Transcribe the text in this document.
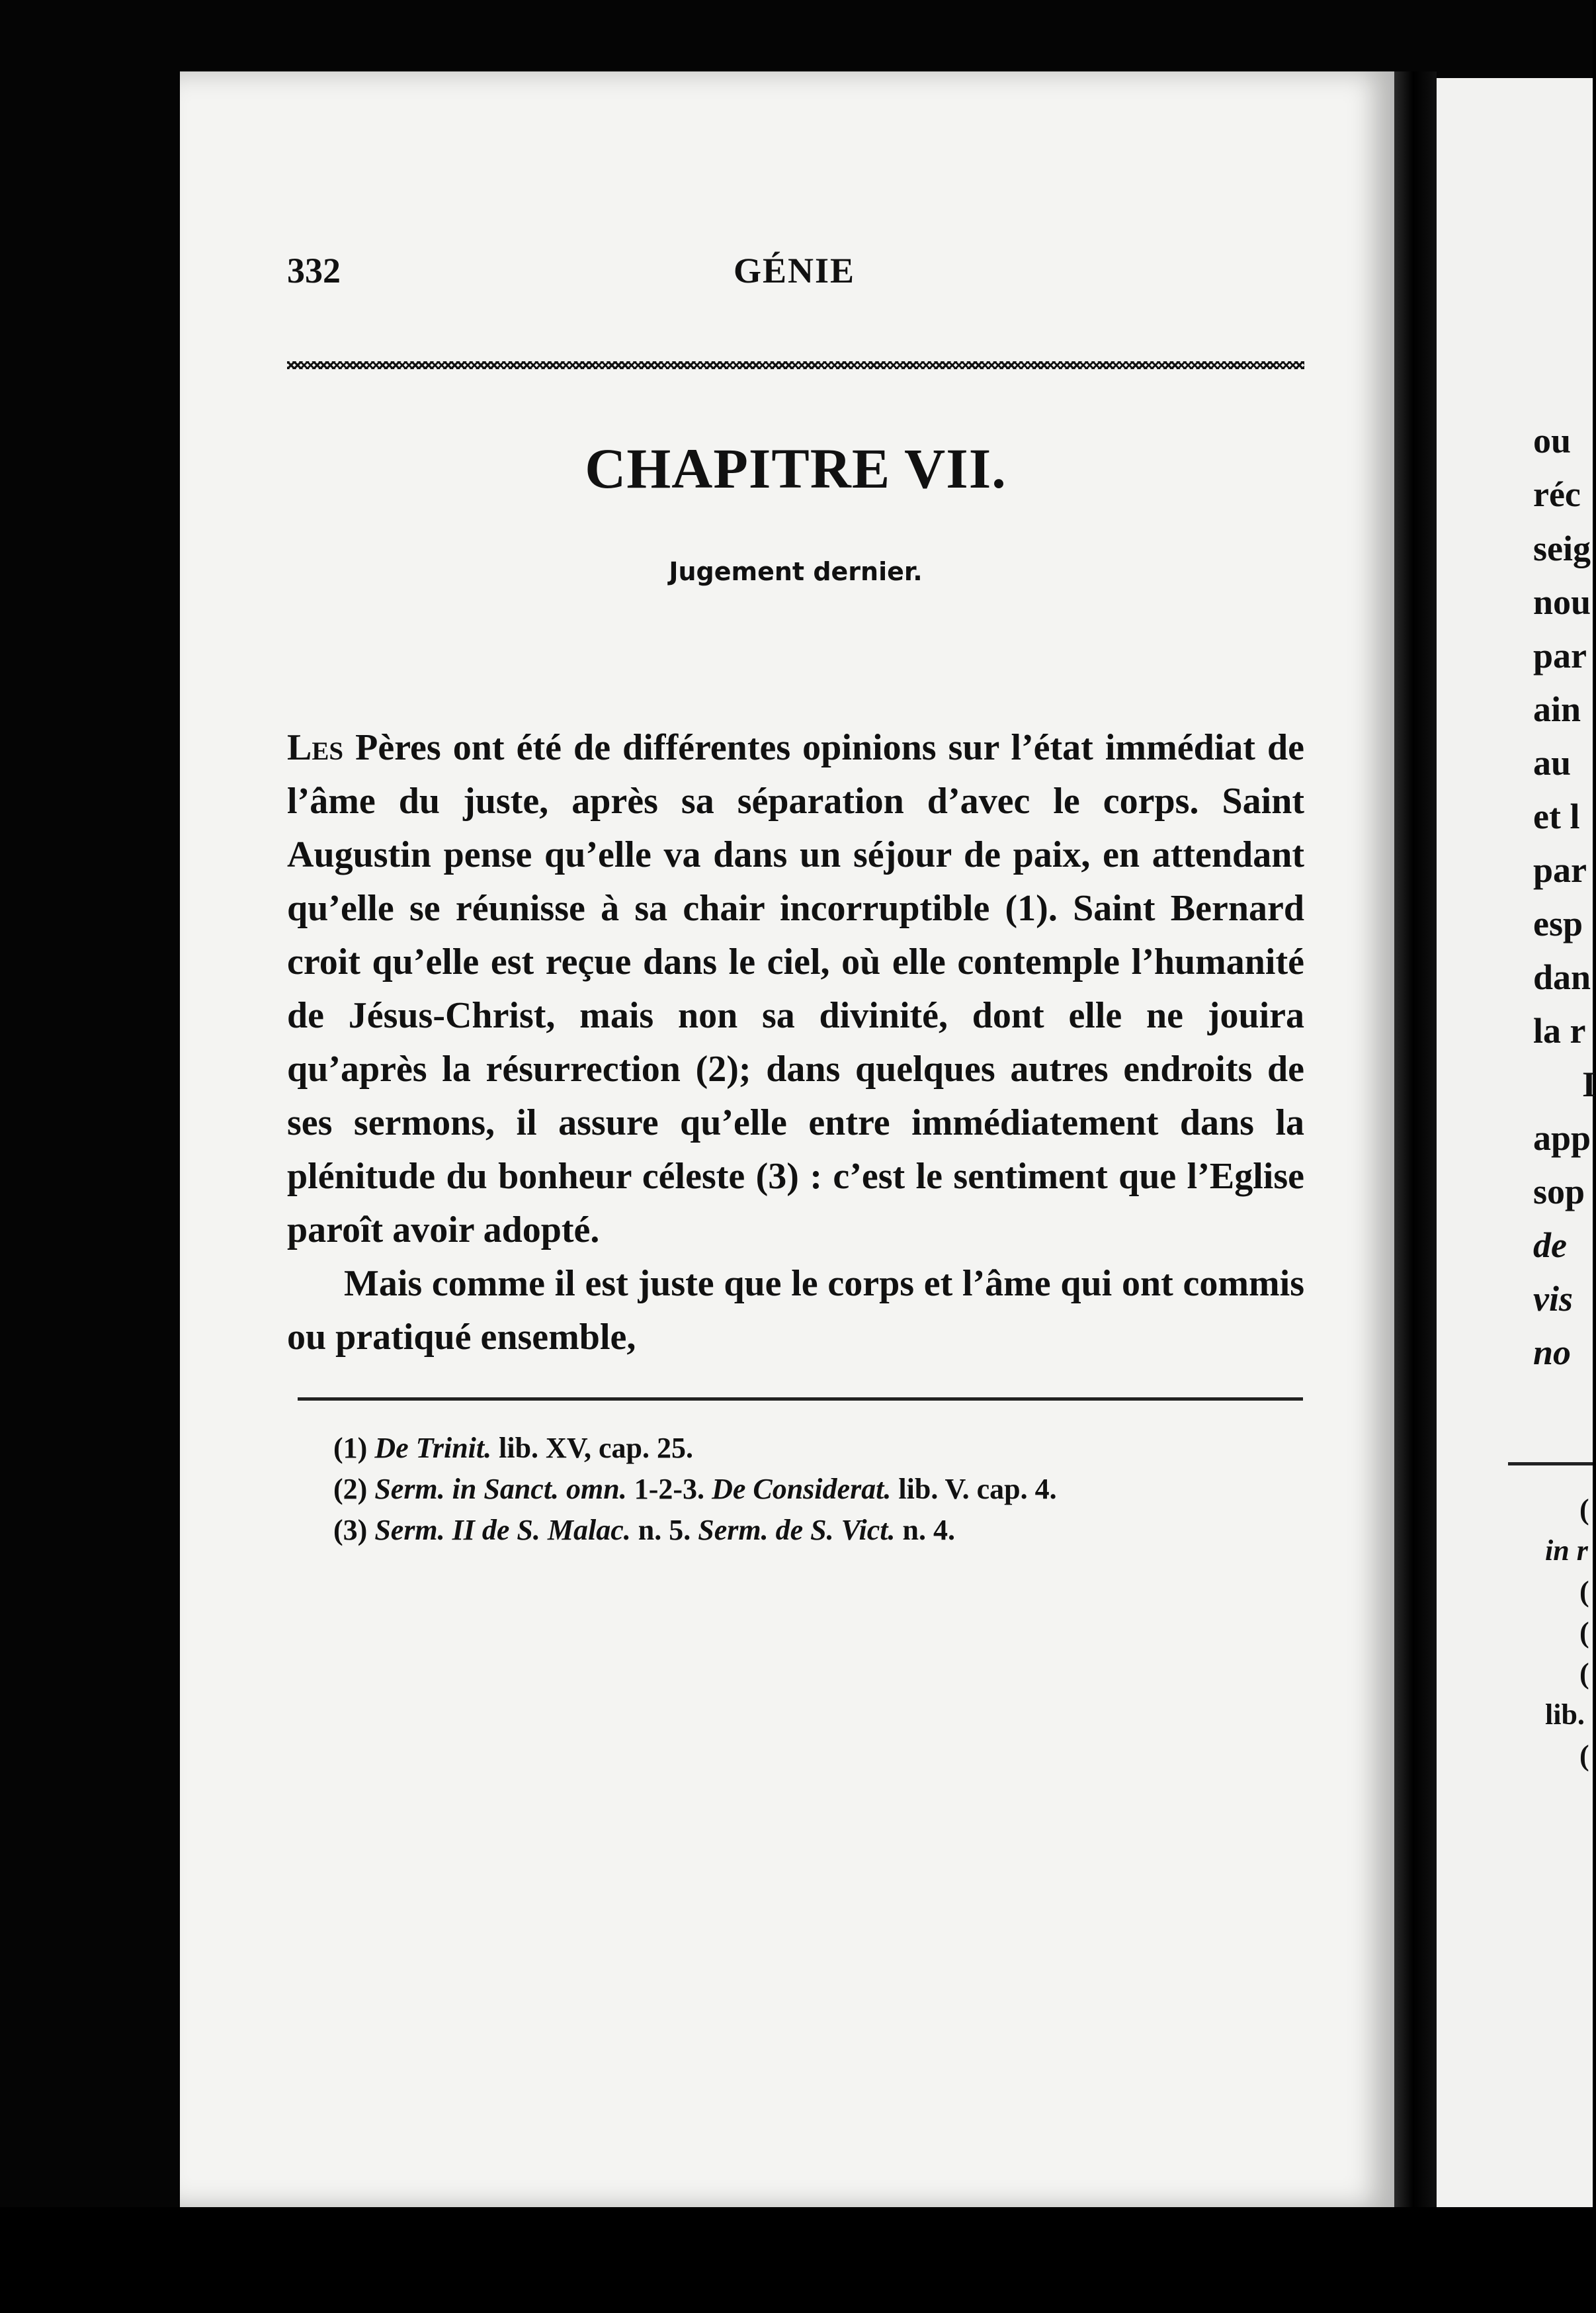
332	GÉNIE
CHAPITRE VII.
Jugement dernier.

Les Pères ont été de différentes opinions sur l’état immédiat de l’âme du juste, après sa séparation d’avec le corps. Saint Augustin pense qu’elle va dans un séjour de paix, en attendant qu’elle se réunisse à sa chair incorruptible (1). Saint Bernard croit qu’elle est reçue dans le ciel, où elle contemple l’humanité de Jésus-Christ, mais non sa divinité, dont elle ne jouira qu’après la résurrection (2); dans quelques autres endroits de ses sermons, il assure qu’elle entre immédiatement dans la plénitude du bonheur céleste (3) : c’est le sentiment que l’Eglise paroît avoir adopté.

Mais comme il est juste que le corps et l’âme qui ont commis ou pratiqué ensemble,

(1) De Trinit. lib. XV, cap. 25.

(2) Serm. in Sanct. omn. 1-2-3. De Considerat. lib. V. cap. 4.

(3) Serm. II de S. Malac. n. 5. Serm. de S. Vict. n. 4.

ou
réc
seig
nou
par
ain
au
et l
par
esp
dan
la r
I
app
sop
de
vis
no
(
in r
(
(
(
lib.
(
